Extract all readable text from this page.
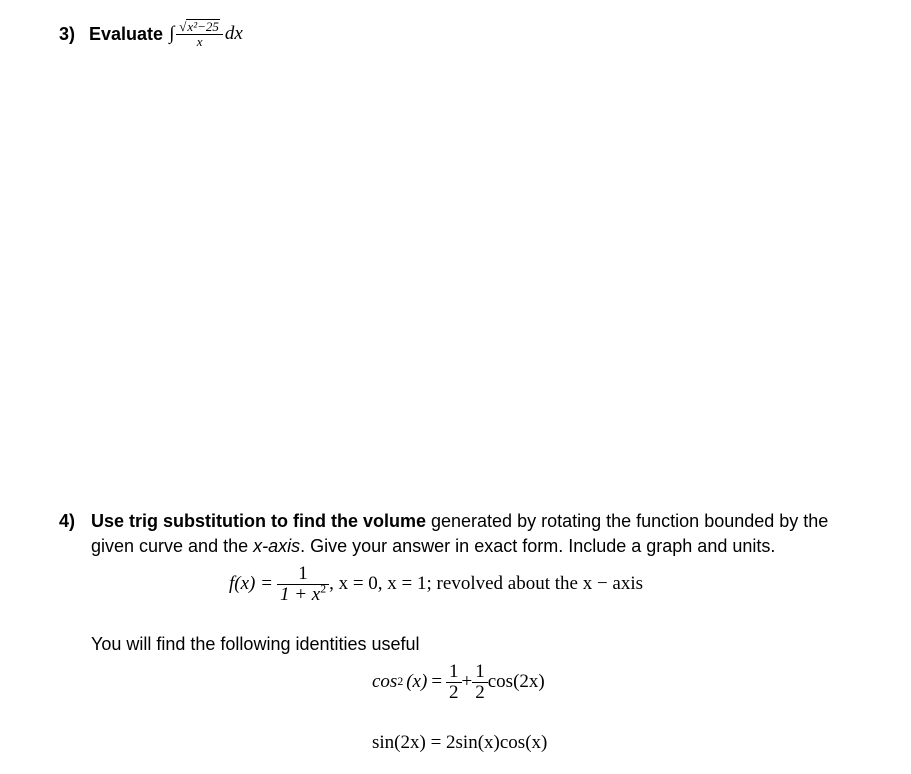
3) Evaluate ∫ $\frac{\text{√x²−25}}{x}$ dx
4) Use trig substitution to find the volume generated by rotating the function bounded by the
given curve and the x-axis. Give your answer in exact form. Include a graph and units.
$f(x) = \frac{1}{1 + x^2}$ , x = 0, x = 1; revolved about the x − axis
You will find the following identities useful
cos 2 $(x) = \frac{1}{2} + \frac{1}{2} \cos(2x)$
sin(2x) = 2sin(x)cos(x)
